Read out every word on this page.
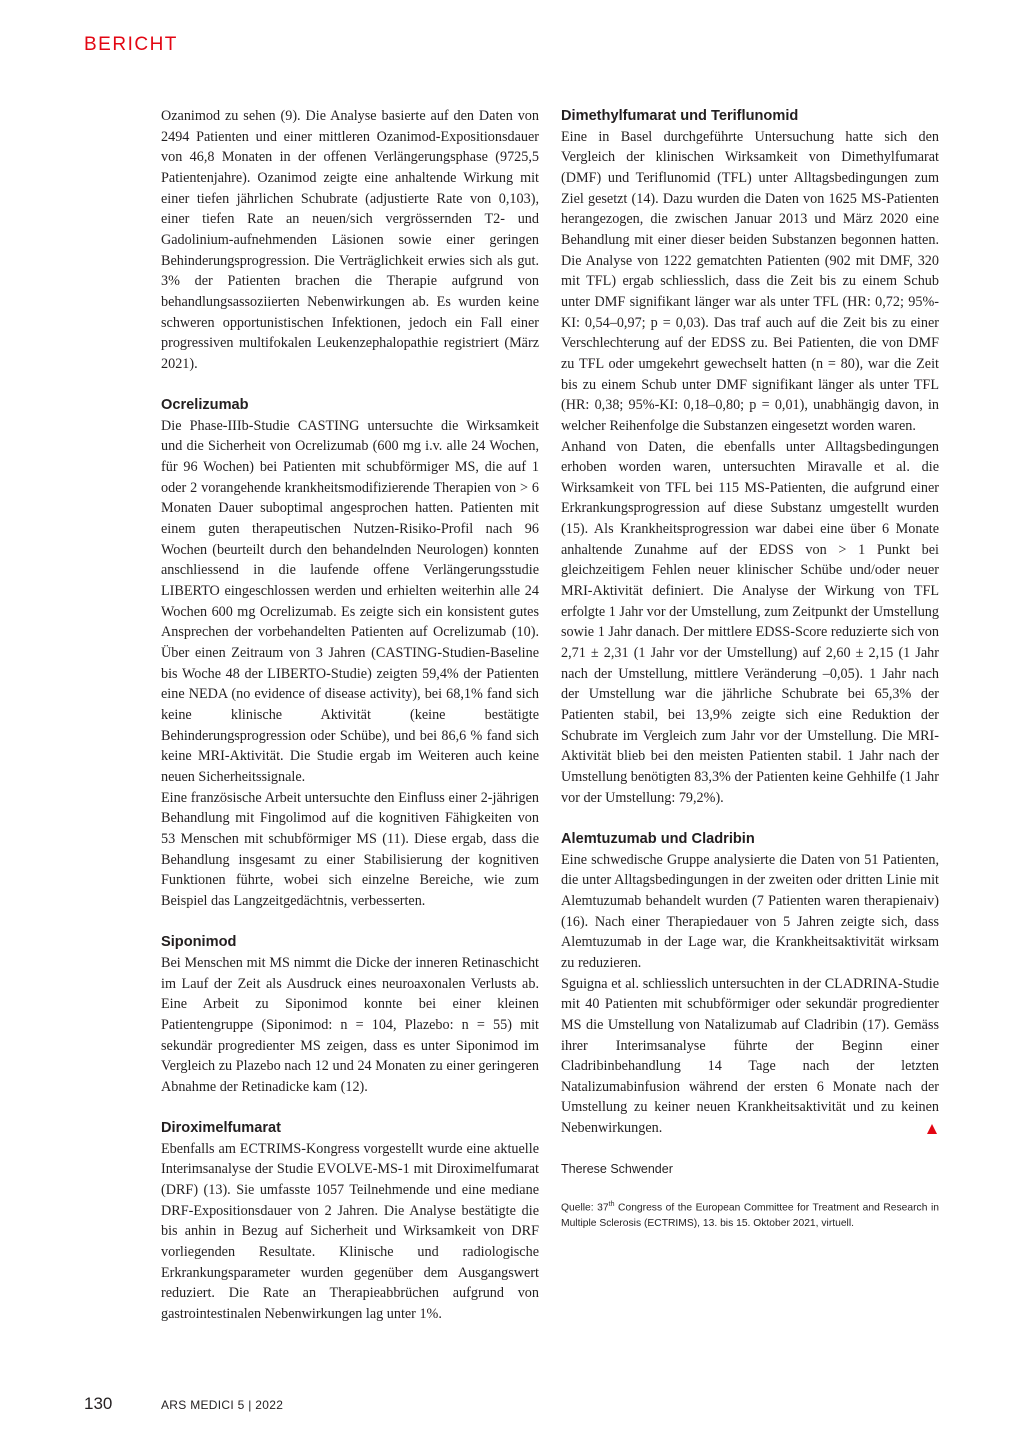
BERICHT

Ozanimod zu sehen (9). Die Analyse basierte auf den Daten von 2494 Patienten und einer mittleren Ozanimod-Expositionsdauer von 46,8 Monaten in der offenen Verlängerungsphase (9725,5 Patientenjahre). Ozanimod zeigte eine anhaltende Wirkung mit einer tiefen jährlichen Schubrate (adjustierte Rate von 0,103), einer tiefen Rate an neuen/sich vergrössernden T2- und Gadolinium-aufnehmenden Läsionen sowie einer geringen Behinderungsprogression. Die Verträglichkeit erwies sich als gut. 3% der Patienten brachen die Therapie aufgrund von behandlungsassoziierten Nebenwirkungen ab. Es wurden keine schweren opportunistischen Infektionen, jedoch ein Fall einer progressiven multifokalen Leukenzephalopathie registriert (März 2021).

Ocrelizumab

Die Phase-IIIb-Studie CASTING untersuchte die Wirksamkeit und die Sicherheit von Ocrelizumab (600 mg i.v. alle 24 Wochen, für 96 Wochen) bei Patienten mit schubförmiger MS, die auf 1 oder 2 vorangehende krankheitsmodifizierende Therapien von > 6 Monaten Dauer suboptimal angesprochen hatten. Patienten mit einem guten therapeutischen Nutzen-Risiko-Profil nach 96 Wochen (beurteilt durch den behandelnden Neurologen) konnten anschliessend in die laufende offene Verlängerungsstudie LIBERTO eingeschlossen werden und erhielten weiterhin alle 24 Wochen 600 mg Ocrelizumab. Es zeigte sich ein konsistent gutes Ansprechen der vorbehandelten Patienten auf Ocrelizumab (10). Über einen Zeitraum von 3 Jahren (CASTING-Studien-Baseline bis Woche 48 der LIBERTO-Studie) zeigten 59,4% der Patienten eine NEDA (no evidence of disease activity), bei 68,1% fand sich keine klinische Aktivität (keine bestätigte Behinderungsprogression oder Schübe), und bei 86,6 % fand sich keine MRI-Aktivität. Die Studie ergab im Weiteren auch keine neuen Sicherheitssignale.

Eine französische Arbeit untersuchte den Einfluss einer 2-jährigen Behandlung mit Fingolimod auf die kognitiven Fähigkeiten von 53 Menschen mit schubförmiger MS (11). Diese ergab, dass die Behandlung insgesamt zu einer Stabilisierung der kognitiven Funktionen führte, wobei sich einzelne Bereiche, wie zum Beispiel das Langzeitgedächtnis, verbesserten.

Siponimod

Bei Menschen mit MS nimmt die Dicke der inneren Retinaschicht im Lauf der Zeit als Ausdruck eines neuroaxonalen Verlusts ab. Eine Arbeit zu Siponimod konnte bei einer kleinen Patientengruppe (Siponimod: n = 104, Plazebo: n = 55) mit sekundär progredienter MS zeigen, dass es unter Siponimod im Vergleich zu Plazebo nach 12 und 24 Monaten zu einer geringeren Abnahme der Retinadicke kam (12).

Diroximelfumarat

Ebenfalls am ECTRIMS-Kongress vorgestellt wurde eine aktuelle Interimsanalyse der Studie EVOLVE-MS-1 mit Diroximelfumarat (DRF) (13). Sie umfasste 1057 Teilnehmende und eine mediane DRF-Expositionsdauer von 2 Jahren. Die Analyse bestätigte die bis anhin in Bezug auf Sicherheit und Wirksamkeit von DRF vorliegenden Resultate. Klinische und radiologische Erkrankungsparameter wurden gegenüber dem Ausgangswert reduziert. Die Rate an Therapieabbrüchen aufgrund von gastrointestinalen Nebenwirkungen lag unter 1%.

Dimethylfumarat und Teriflunomid

Eine in Basel durchgeführte Untersuchung hatte sich den Vergleich der klinischen Wirksamkeit von Dimethylfumarat (DMF) und Teriflunomid (TFL) unter Alltagsbedingungen zum Ziel gesetzt (14). Dazu wurden die Daten von 1625 MS-Patienten herangezogen, die zwischen Januar 2013 und März 2020 eine Behandlung mit einer dieser beiden Substanzen begonnen hatten. Die Analyse von 1222 gematchten Patienten (902 mit DMF, 320 mit TFL) ergab schliesslich, dass die Zeit bis zu einem Schub unter DMF signifikant länger war als unter TFL (HR: 0,72; 95%-KI: 0,54–0,97; p = 0,03). Das traf auch auf die Zeit bis zu einer Verschlechterung auf der EDSS zu. Bei Patienten, die von DMF zu TFL oder umgekehrt gewechselt hatten (n = 80), war die Zeit bis zu einem Schub unter DMF signifikant länger als unter TFL (HR: 0,38; 95%-KI: 0,18–0,80; p = 0,01), unabhängig davon, in welcher Reihenfolge die Substanzen eingesetzt worden waren.

Anhand von Daten, die ebenfalls unter Alltagsbedingungen erhoben worden waren, untersuchten Miravalle et al. die Wirksamkeit von TFL bei 115 MS-Patienten, die aufgrund einer Erkrankungsprogression auf diese Substanz umgestellt wurden (15). Als Krankheitsprogression war dabei eine über 6 Monate anhaltende Zunahme auf der EDSS von > 1 Punkt bei gleichzeitigem Fehlen neuer klinischer Schübe und/oder neuer MRI-Aktivität definiert. Die Analyse der Wirkung von TFL erfolgte 1 Jahr vor der Umstellung, zum Zeitpunkt der Umstellung sowie 1 Jahr danach. Der mittlere EDSS-Score reduzierte sich von 2,71 ± 2,31 (1 Jahr vor der Umstellung) auf 2,60 ± 2,15 (1 Jahr nach der Umstellung, mittlere Veränderung –0,05). 1 Jahr nach der Umstellung war die jährliche Schubrate bei 65,3% der Patienten stabil, bei 13,9% zeigte sich eine Reduktion der Schubrate im Vergleich zum Jahr vor der Umstellung. Die MRI-Aktivität blieb bei den meisten Patienten stabil. 1 Jahr nach der Umstellung benötigten 83,3% der Patienten keine Gehhilfe (1 Jahr vor der Umstellung: 79,2%).

Alemtuzumab und Cladribin

Eine schwedische Gruppe analysierte die Daten von 51 Patienten, die unter Alltagsbedingungen in der zweiten oder dritten Linie mit Alemtuzumab behandelt wurden (7 Patienten waren therapienaiv) (16). Nach einer Therapiedauer von 5 Jahren zeigte sich, dass Alemtuzumab in der Lage war, die Krankheitsaktivität wirksam zu reduzieren.

Sguigna et al. schliesslich untersuchten in der CLADRINA-Studie mit 40 Patienten mit schubförmiger oder sekundär progredienter MS die Umstellung von Natalizumab auf Cladribin (17). Gemäss ihrer Interimsanalyse führte der Beginn einer Cladribinbehandlung 14 Tage nach der letzten Natalizumabinfusion während der ersten 6 Monate nach der Umstellung zu keiner neuen Krankheitsaktivität und zu keinen Nebenwirkungen.

Therese Schwender
Quelle: 37th Congress of the European Committee for Treatment and Research in Multiple Sclerosis (ECTRIMS), 13. bis 15. Oktober 2021, virtuell.
130	ARS MEDICI 5 | 2022
